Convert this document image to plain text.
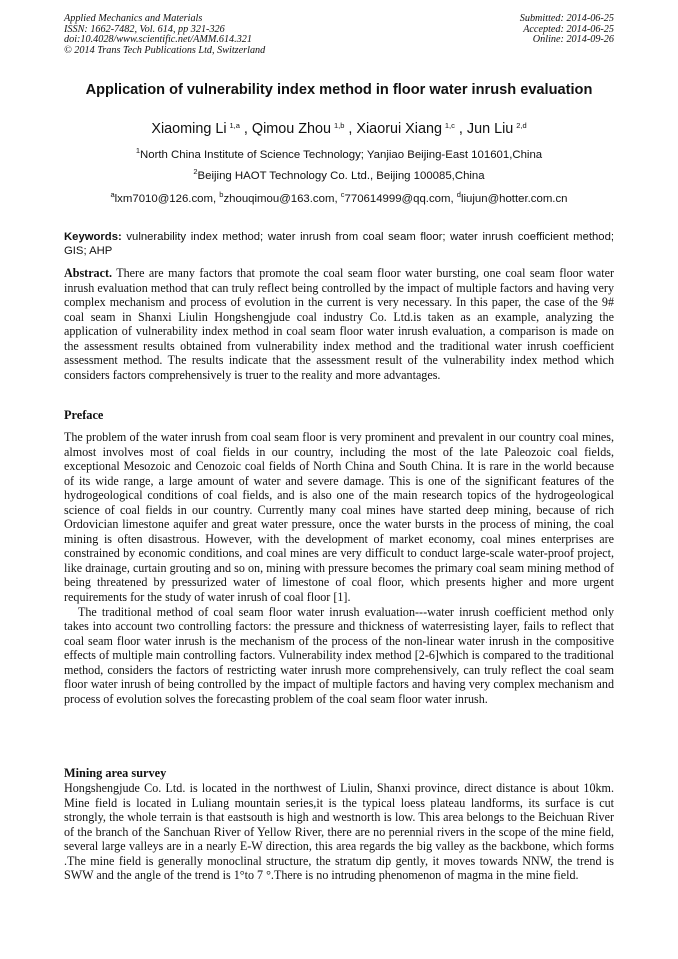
Applied Mechanics and Materials
ISSN: 1662-7482, Vol. 614, pp 321-326
doi:10.4028/www.scientific.net/AMM.614.321
© 2014 Trans Tech Publications Ltd, Switzerland
Submitted: 2014-06-25
Accepted: 2014-06-25
Online: 2014-09-26
Application of vulnerability index method in floor water inrush evaluation
Xiaoming Li  $^{1,a}$ , Qimou Zhou  $^{1,b}$ , Xiaorui Xiang  $^{1,c}$ , Jun Liu  $^{2,d}$
$^1$North China Institute of Science Technology; Yanjiao Beijing-East 101601,China
$^2$Beijing HAOT Technology Co. Ltd., Beijing 100085,China
$^a$lxm7010@126.com, $^b$zhouqimou@163.com, $^c$770614999@qq.com, $^d$liujun@hotter.com.cn
Keywords: vulnerability index method; water inrush from coal seam floor; water inrush coefficient method; GIS; AHP
Abstract. There are many factors that promote the coal seam floor water bursting, one coal seam floor water inrush evaluation method that can truly reflect being controlled by the impact of multiple factors and having very complex mechanism and process of evolution in the current is very necessary. In this paper, the case of the 9# coal seam in Shanxi Liulin Hongshengjude coal industry Co. Ltd.is taken as an example, analyzing the application of vulnerability index method in coal seam floor water inrush evaluation, a comparison is made on the assessment results obtained from vulnerability index method and the traditional water inrush coefficient assessment method. The results indicate that the assessment result of the vulnerability index method which considers factors comprehensively is truer to the reality and more advantages.
Preface
The problem of the water inrush from coal seam floor is very prominent and prevalent in our country coal mines, almost involves most of coal fields in our country, including the most of the late Paleozoic coal fields, exceptional Mesozoic and Cenozoic coal fields of North China and South China. It is rare in the world because of its wide range, a large amount of water and severe damage. This is one of the significant features of the hydrogeological conditions of coal fields, and is also one of the main research topics of the hydrogeological science of coal fields in our country. Currently many coal mines have started deep mining, because of rich Ordovician limestone aquifer and great water pressure, once the water bursts in the process of mining, the coal mining is often disastrous. However, with the development of market economy, coal mines enterprises are constrained by economic conditions, and coal mines are very difficult to conduct large-scale water-proof project, like drainage, curtain grouting and so on, mining with pressure becomes the primary coal seam mining method of being threatened by pressurized water of limestone of coal floor, which presents higher and more urgent requirements for the study of water inrush of coal floor [1].
The traditional method of coal seam floor water inrush evaluation---water inrush coefficient method only takes into account two controlling factors: the pressure and thickness of waterresisting layer, fails to reflect that coal seam floor water inrush is the mechanism of the process of the non-linear water inrush in the compositive effects of multiple main controlling factors. Vulnerability index method [2-6]which is compared to the traditional method, considers the factors of restricting water inrush more comprehensively, can truly reflect the coal seam floor water inrush of being controlled by the impact of multiple factors and having very complex mechanism and process of evolution solves the forecasting problem of the coal seam floor water inrush.
Mining area survey
Hongshengjude Co. Ltd. is located in the northwest of Liulin, Shanxi province, direct distance is about 10km. Mine field is located in Luliang mountain series,it is the typical loess plateau landforms, its surface is cut strongly, the whole terrain is that eastsouth is high and westnorth is low. This area belongs to the Beichuan River of the branch of the Sanchuan River of Yellow River, there are no perennial rivers in the scope of the mine field, several large valleys are in a nearly E-W direction, this area regards the big valley as the backbone, which forms .The mine field is generally monoclinal structure, the stratum dip gently, it moves towards NNW, the trend is SWW and the angle of the trend is 1°to 7 °.There is no intruding phenomenon of magma in the mine field.
